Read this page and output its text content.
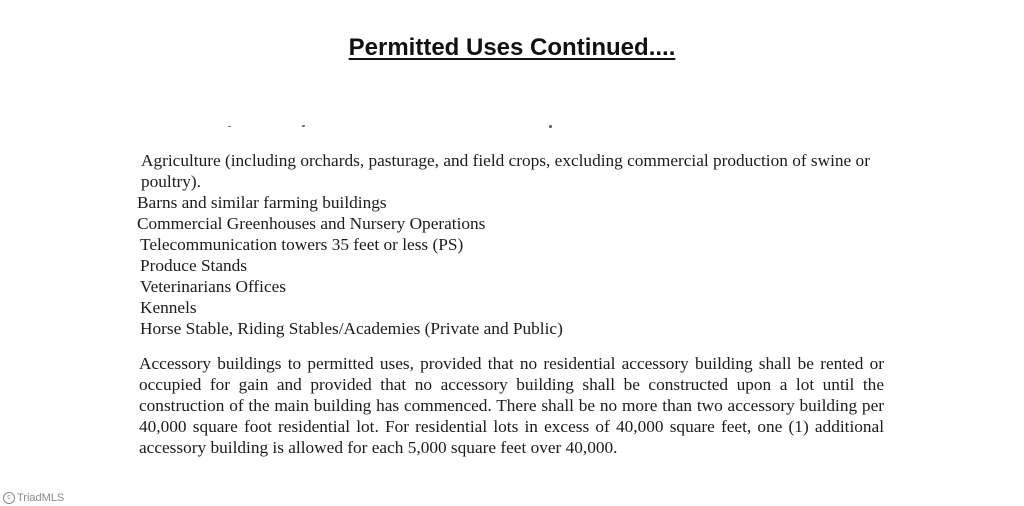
Permitted Uses Continued....
Agriculture (including orchards, pasturage, and field crops, excluding commercial production of swine or poultry).
Barns and similar farming buildings
Commercial Greenhouses and Nursery Operations
Telecommunication towers 35 feet or less (PS)
Produce Stands
Veterinarians Offices
Kennels
Horse Stable, Riding Stables/Academies (Private and Public)

Accessory buildings to permitted uses, provided that no residential accessory building shall be rented or occupied for gain and provided that no accessory building shall be constructed upon a lot until the construction of the main building has commenced. There shall be no more than two accessory building per 40,000 square foot residential lot. For residential lots in excess of 40,000 square feet, one (1) additional accessory building is allowed for each 5,000 square feet over 40,000.

c TriadMLS
